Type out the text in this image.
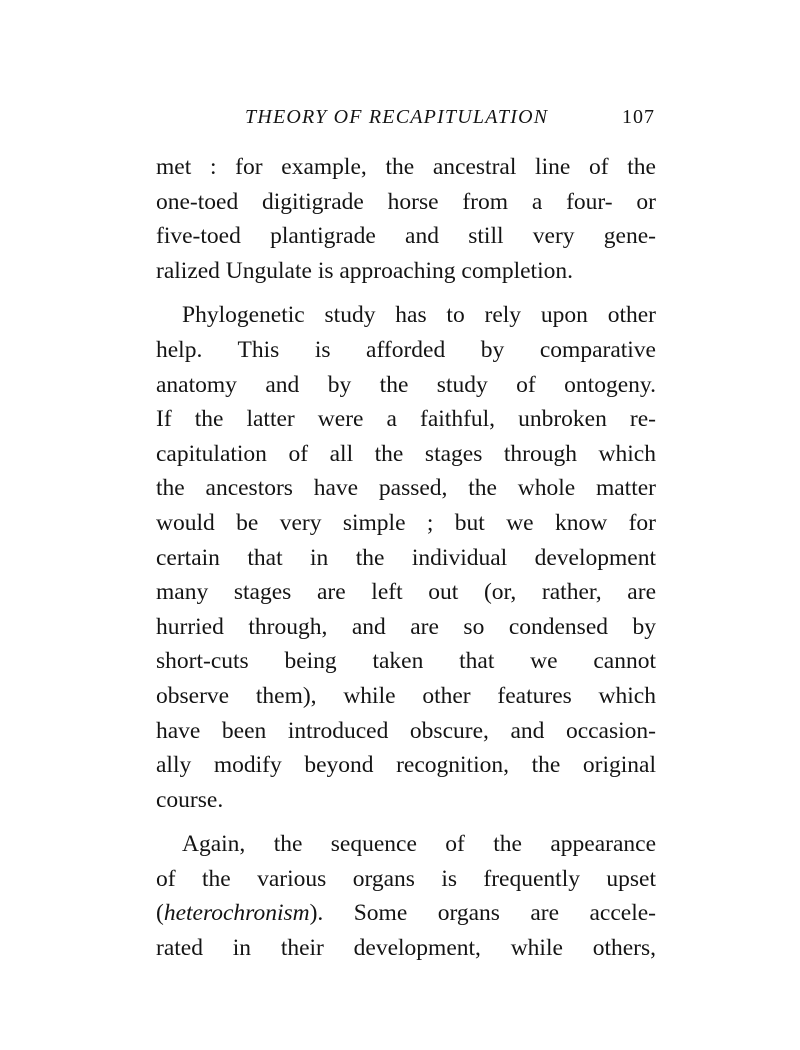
THEORY OF RECAPITULATION	107
met : for example, the ancestral line of the
one-toed digitigrade horse from a four- or
five-toed plantigrade and still very gene-
ralized Ungulate is approaching completion.
Phylogenetic study has to rely upon other
help. This is afforded by comparative
anatomy and by the study of ontogeny.
If the latter were a faithful, unbroken re-
capitulation of all the stages through which
the ancestors have passed, the whole matter
would be very simple ; but we know for
certain that in the individual development
many stages are left out (or, rather, are
hurried through, and are so condensed by
short-cuts being taken that we cannot
observe them), while other features which
have been introduced obscure, and occasion-
ally modify beyond recognition, the original
course.
Again, the sequence of the appearance
of the various organs is frequently upset
(heterochronism). Some organs are accele-
rated in their development, while others,
